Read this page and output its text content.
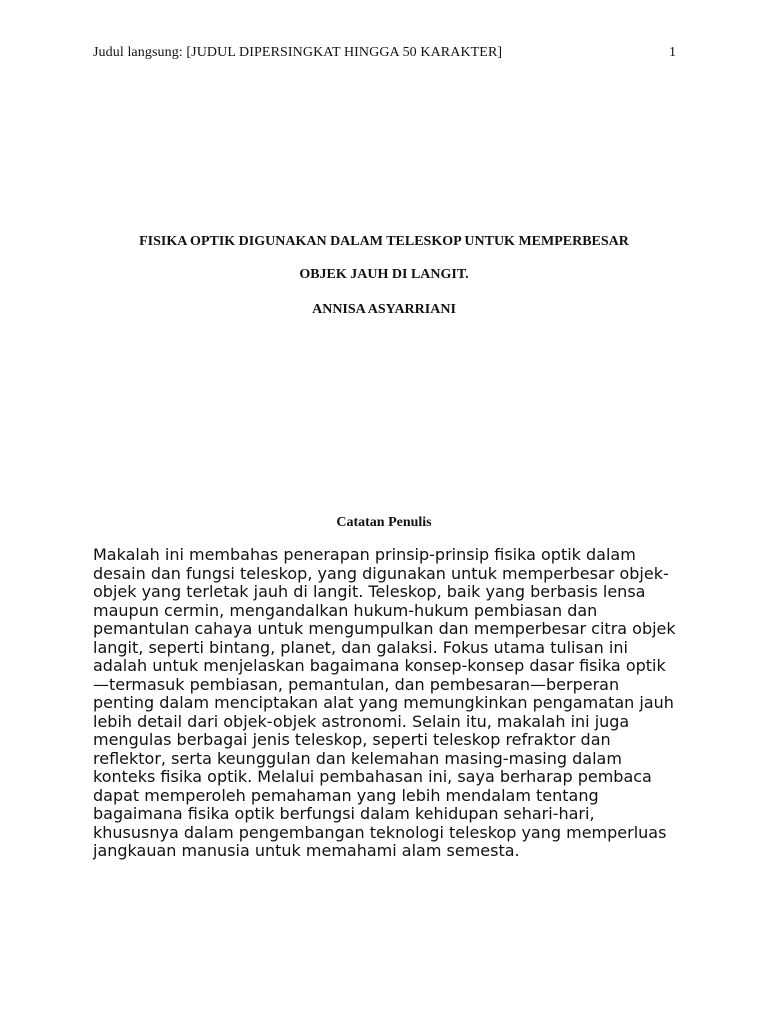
Judul langsung: [JUDUL DIPERSINGKAT HINGGA 50 KARAKTER]	1
FISIKA OPTIK DIGUNAKAN DALAM TELESKOP UNTUK MEMPERBESAR
OBJEK JAUH DI LANGIT.
ANNISA ASYARRIANI
Catatan Penulis

Makalah ini membahas penerapan prinsip-prinsip fisika optik dalam desain dan fungsi teleskop, yang digunakan untuk memperbesar objek-objek yang terletak jauh di langit. Teleskop, baik yang berbasis lensa maupun cermin, mengandalkan hukum-hukum pembiasan dan pemantulan cahaya untuk mengumpulkan dan memperbesar citra objek langit, seperti bintang, planet, dan galaksi. Fokus utama tulisan ini adalah untuk menjelaskan bagaimana konsep-konsep dasar fisika optik—termasuk pembiasan, pemantulan, dan pembesaran—berperan penting dalam menciptakan alat yang memungkinkan pengamatan jauh lebih detail dari objek-objek astronomi. Selain itu, makalah ini juga mengulas berbagai jenis teleskop, seperti teleskop refraktor dan reflektor, serta keunggulan dan kelemahan masing-masing dalam konteks fisika optik. Melalui pembahasan ini, saya berharap pembaca dapat memperoleh pemahaman yang lebih mendalam tentang bagaimana fisika optik berfungsi dalam kehidupan sehari-hari, khususnya dalam pengembangan teknologi teleskop yang memperluas jangkauan manusia untuk memahami alam semesta.
